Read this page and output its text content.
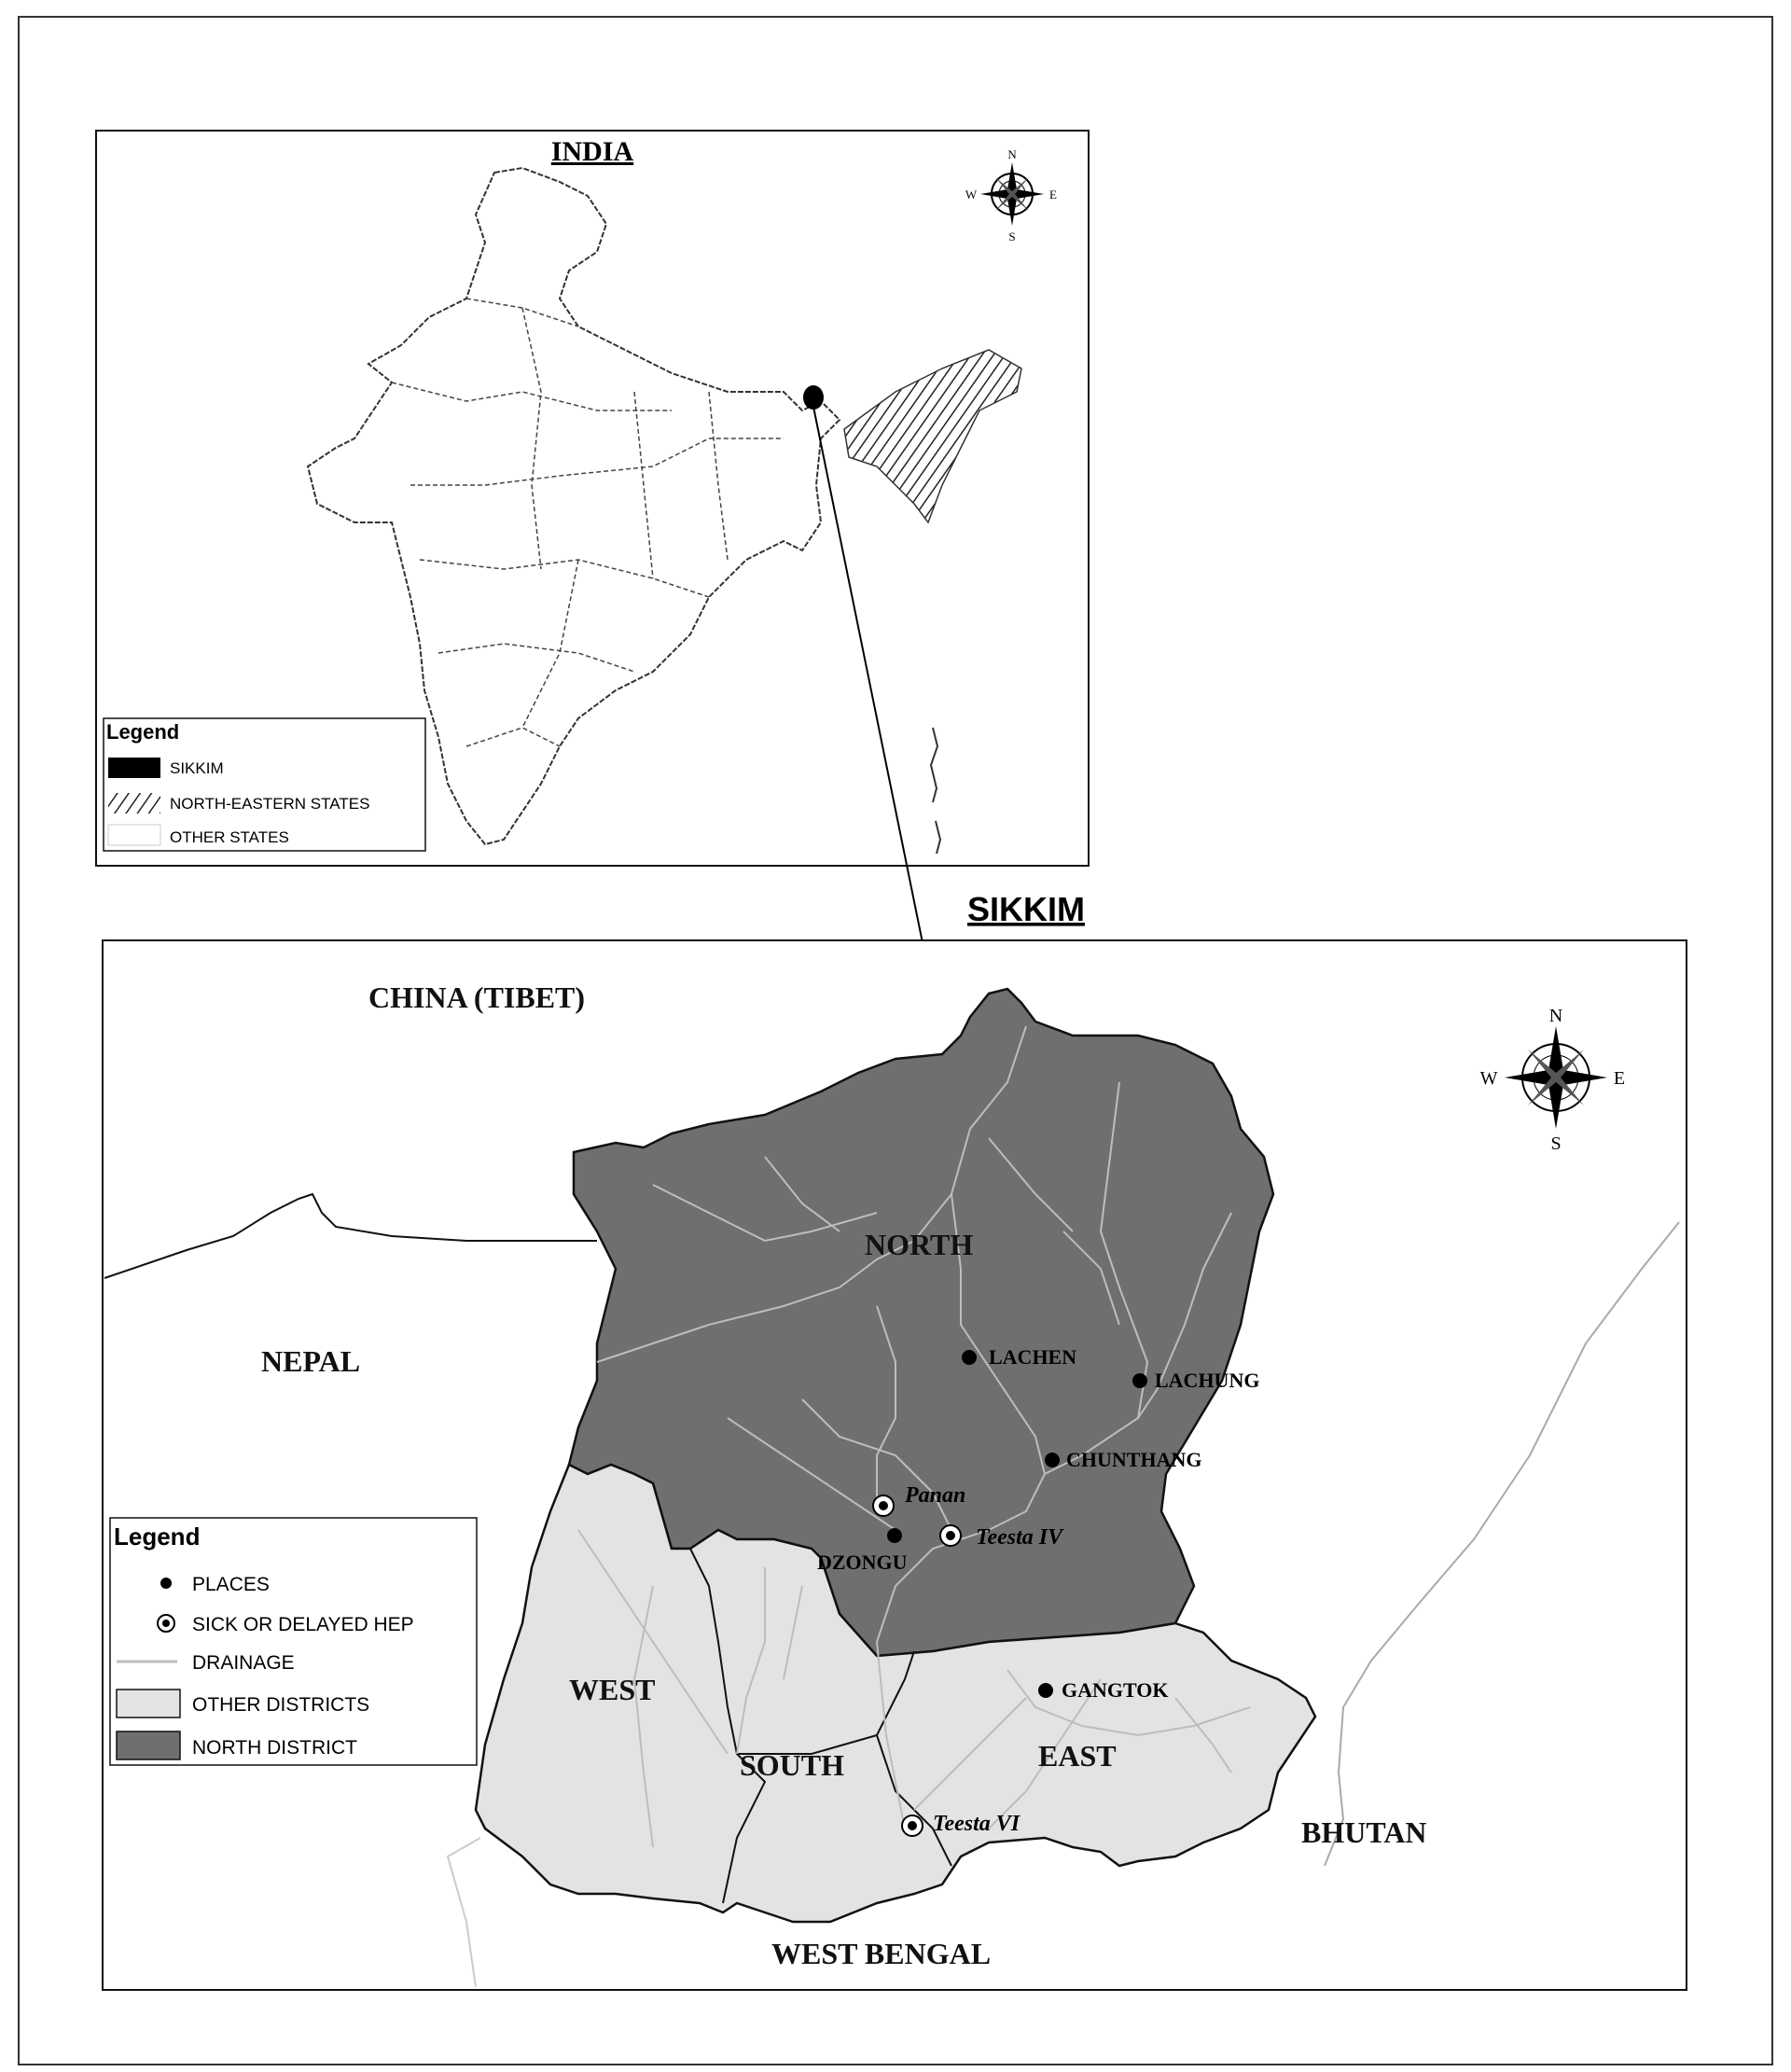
INDIA	N
S
E
W
Legend
SIKKIM
NORTH-EASTERN STATES
OTHER STATES
SIKKIM
N
S
E
W
CHINA (TIBET)
NEPAL
BHUTAN
WEST BENGAL
NORTH
WEST
SOUTH	EAST
LACHEN
LACHUNG
CHUNTHANG
DZONGU
GANGTOK
Panan
Teesta IV
Teesta VI
Legend
PLACES
SICK OR DELAYED HEP
DRAINAGE
OTHER DISTRICTS
NORTH DISTRICT
